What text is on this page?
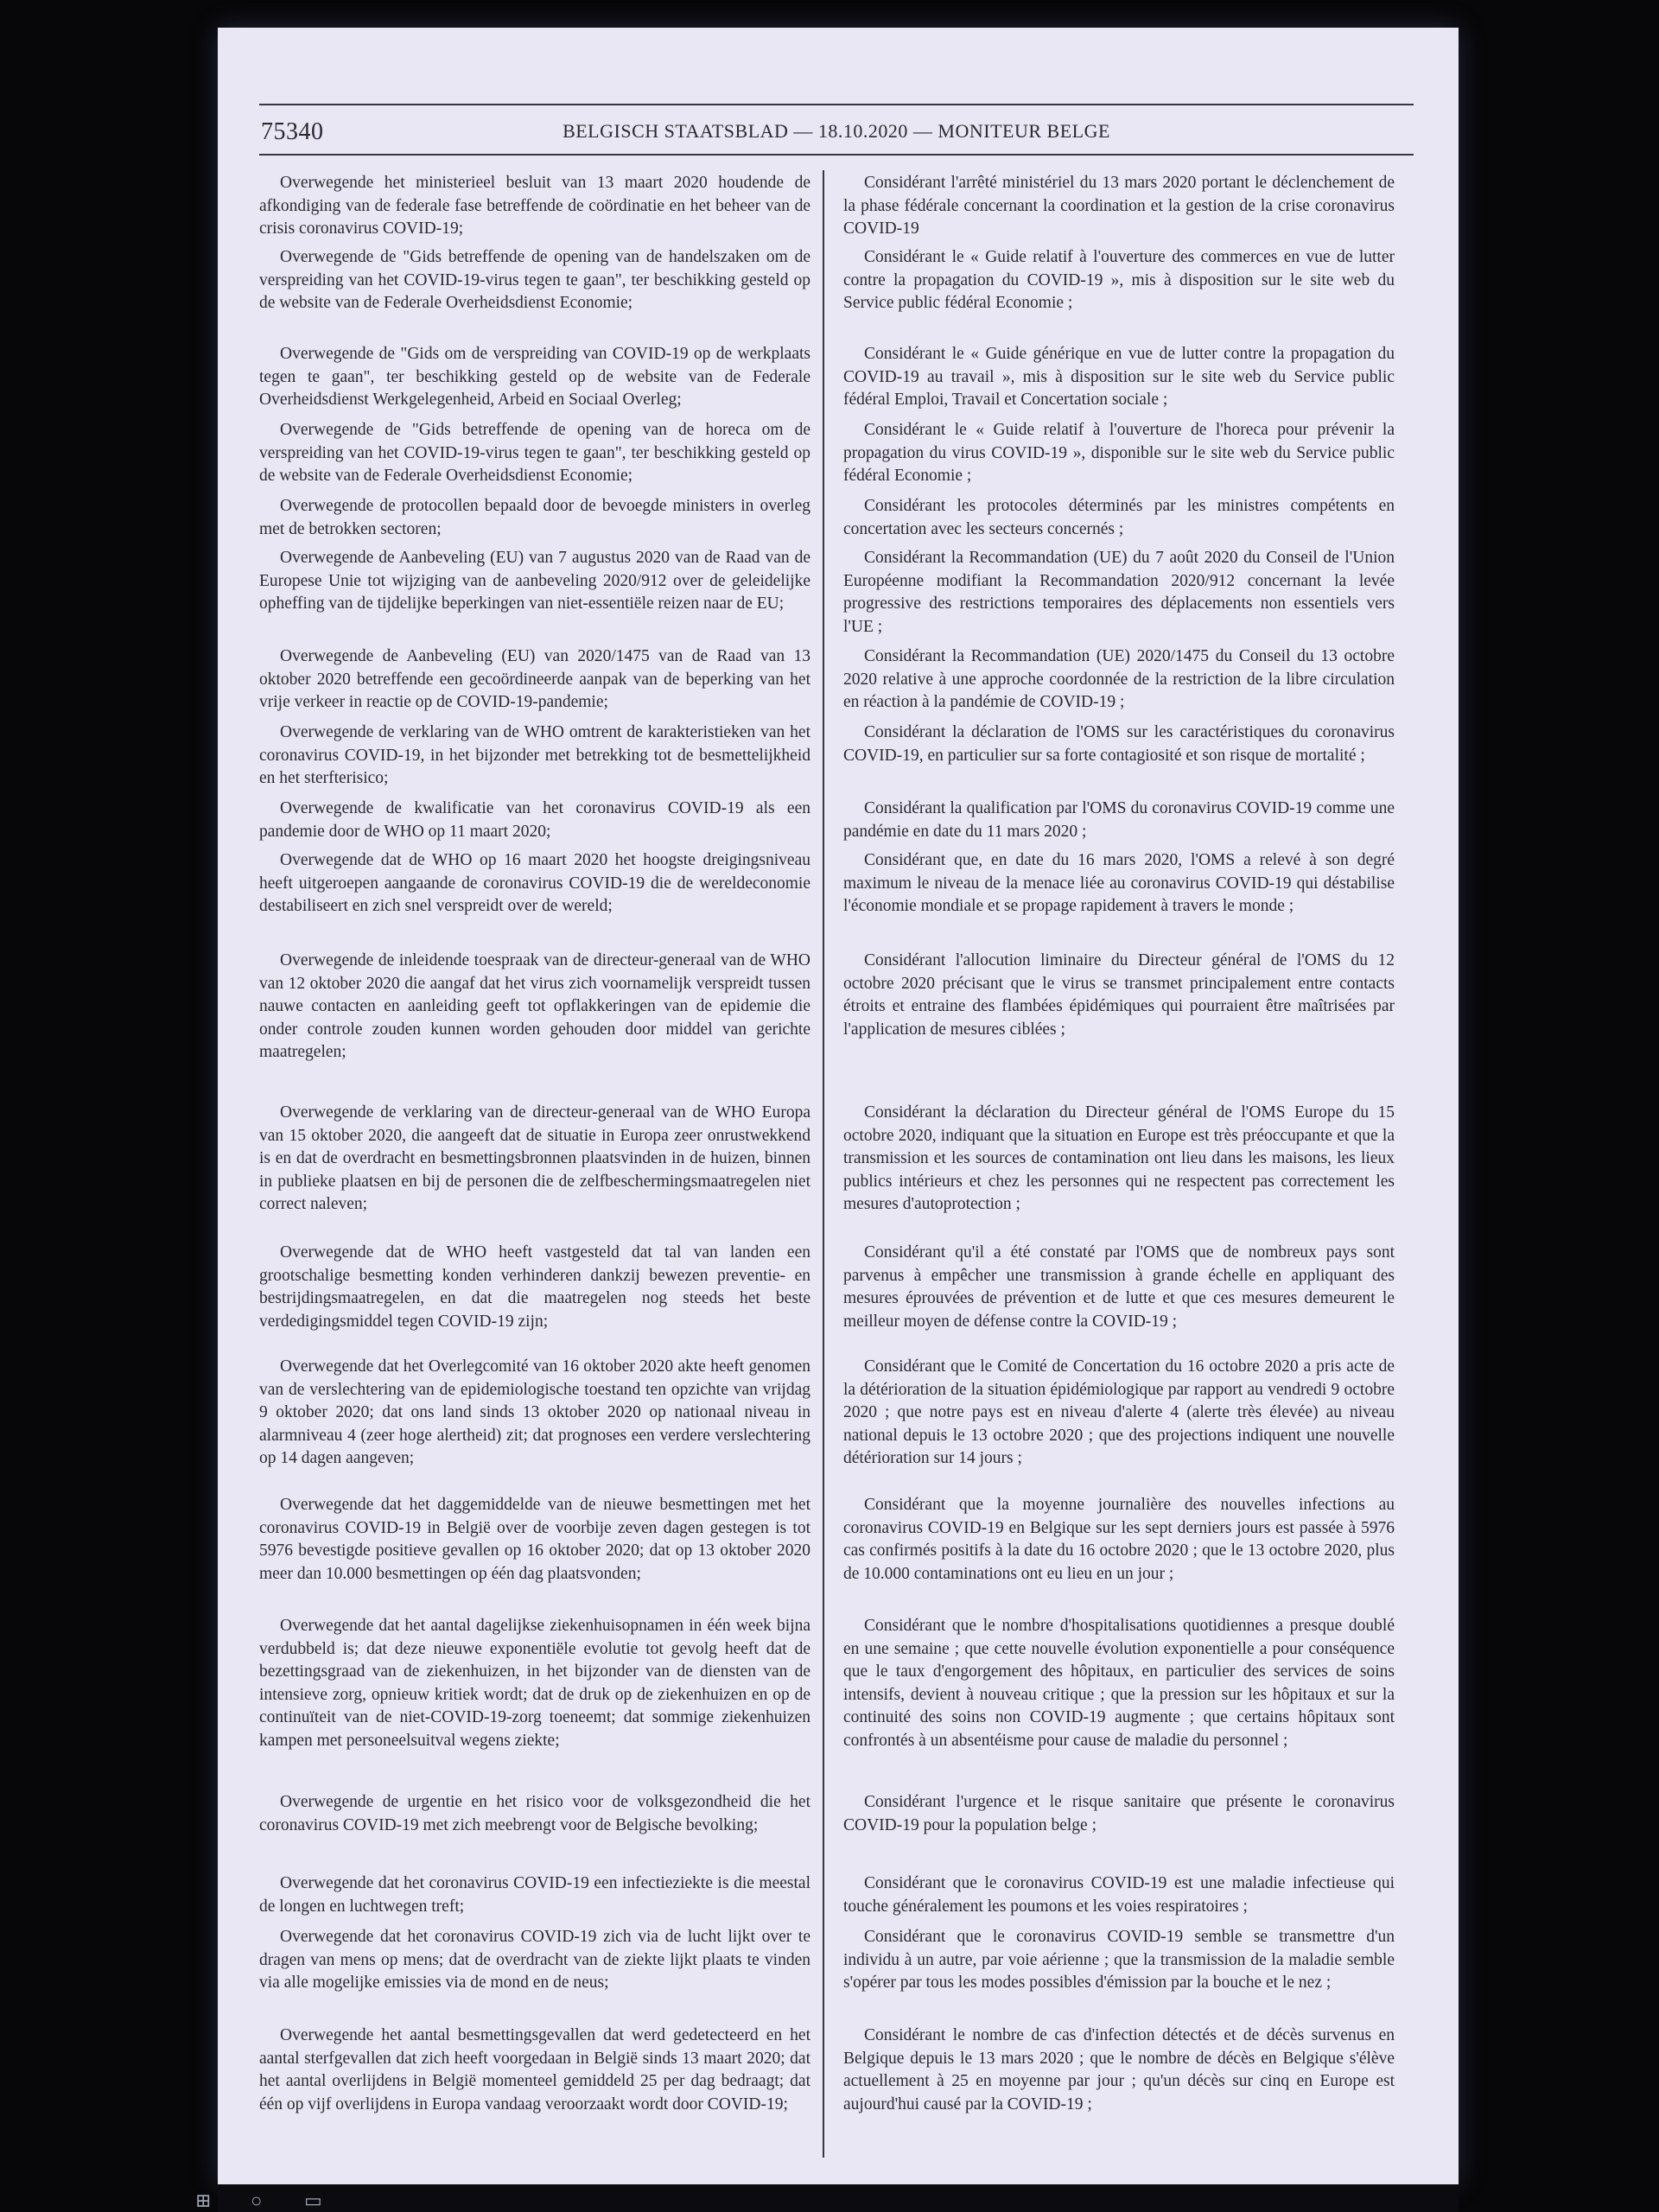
75340	BELGISCH STAATSBLAD — 18.10.2020 — MONITEUR BELGE

Overwegende het ministerieel besluit van 13 maart 2020 houdende de afkondiging van de federale fase betreffende de coördinatie en het beheer van de crisis coronavirus COVID-19;

Overwegende de "Gids betreffende de opening van de handelszaken om de verspreiding van het COVID-19-virus tegen te gaan", ter beschikking gesteld op de website van de Federale Overheidsdienst Economie;

Overwegende de "Gids om de verspreiding van COVID-19 op de werkplaats tegen te gaan", ter beschikking gesteld op de website van de Federale Overheidsdienst Werkgelegenheid, Arbeid en Sociaal Overleg;

Overwegende de "Gids betreffende de opening van de horeca om de verspreiding van het COVID-19-virus tegen te gaan", ter beschikking gesteld op de website van de Federale Overheidsdienst Economie;

Overwegende de protocollen bepaald door de bevoegde ministers in overleg met de betrokken sectoren;

Overwegende de Aanbeveling (EU) van 7 augustus 2020 van de Raad van de Europese Unie tot wijziging van de aanbeveling 2020/912 over de geleidelijke opheffing van de tijdelijke beperkingen van niet-essentiële reizen naar de EU;

Overwegende de Aanbeveling (EU) van 2020/1475 van de Raad van 13 oktober 2020 betreffende een gecoördineerde aanpak van de beperking van het vrije verkeer in reactie op de COVID-19-pandemie;

Overwegende de verklaring van de WHO omtrent de karakteristieken van het coronavirus COVID-19, in het bijzonder met betrekking tot de besmettelijkheid en het sterfterisico;

Overwegende de kwalificatie van het coronavirus COVID-19 als een pandemie door de WHO op 11 maart 2020;

Overwegende dat de WHO op 16 maart 2020 het hoogste dreigingsniveau heeft uitgeroepen aangaande de coronavirus COVID-19 die de wereldeconomie destabiliseert en zich snel verspreidt over de wereld;

Overwegende de inleidende toespraak van de directeur-generaal van de WHO van 12 oktober 2020 die aangaf dat het virus zich voornamelijk verspreidt tussen nauwe contacten en aanleiding geeft tot opflakkeringen van de epidemie die onder controle zouden kunnen worden gehouden door middel van gerichte maatregelen;

Overwegende de verklaring van de directeur-generaal van de WHO Europa van 15 oktober 2020, die aangeeft dat de situatie in Europa zeer onrustwekkend is en dat de overdracht en besmettingsbronnen plaatsvinden in de huizen, binnen in publieke plaatsen en bij de personen die de zelfbeschermingsmaatregelen niet correct naleven;

Overwegende dat de WHO heeft vastgesteld dat tal van landen een grootschalige besmetting konden verhinderen dankzij bewezen preventie- en bestrijdingsmaatregelen, en dat die maatregelen nog steeds het beste verdedigingsmiddel tegen COVID-19 zijn;

Overwegende dat het Overlegcomité van 16 oktober 2020 akte heeft genomen van de verslechtering van de epidemiologische toestand ten opzichte van vrijdag 9 oktober 2020; dat ons land sinds 13 oktober 2020 op nationaal niveau in alarmniveau 4 (zeer hoge alertheid) zit; dat prognoses een verdere verslechtering op 14 dagen aangeven;

Overwegende dat het daggemiddelde van de nieuwe besmettingen met het coronavirus COVID-19 in België over de voorbije zeven dagen gestegen is tot 5976 bevestigde positieve gevallen op 16 oktober 2020; dat op 13 oktober 2020 meer dan 10.000 besmettingen op één dag plaatsvonden;

Overwegende dat het aantal dagelijkse ziekenhuisopnamen in één week bijna verdubbeld is; dat deze nieuwe exponentiële evolutie tot gevolg heeft dat de bezettingsgraad van de ziekenhuizen, in het bijzonder van de diensten van de intensieve zorg, opnieuw kritiek wordt; dat de druk op de ziekenhuizen en op de continuïteit van de niet-COVID-19-zorg toeneemt; dat sommige ziekenhuizen kampen met personeelsuitval wegens ziekte;

Overwegende de urgentie en het risico voor de volksgezondheid die het coronavirus COVID-19 met zich meebrengt voor de Belgische bevolking;

Overwegende dat het coronavirus COVID-19 een infectieziekte is die meestal de longen en luchtwegen treft;

Overwegende dat het coronavirus COVID-19 zich via de lucht lijkt over te dragen van mens op mens; dat de overdracht van de ziekte lijkt plaats te vinden via alle mogelijke emissies via de mond en de neus;

Overwegende het aantal besmettingsgevallen dat werd gedetecteerd en het aantal sterfgevallen dat zich heeft voorgedaan in België sinds 13 maart 2020; dat het aantal overlijdens in België momenteel gemiddeld 25 per dag bedraagt; dat één op vijf overlijdens in Europa vandaag veroorzaakt wordt door COVID-19;

Considérant l'arrêté ministériel du 13 mars 2020 portant le déclenchement de la phase fédérale concernant la coordination et la gestion de la crise coronavirus COVID-19

Considérant le « Guide relatif à l'ouverture des commerces en vue de lutter contre la propagation du COVID-19 », mis à disposition sur le site web du Service public fédéral Economie ;

Considérant le « Guide générique en vue de lutter contre la propagation du COVID-19 au travail », mis à disposition sur le site web du Service public fédéral Emploi, Travail et Concertation sociale ;

Considérant le « Guide relatif à l'ouverture de l'horeca pour prévenir la propagation du virus COVID-19 », disponible sur le site web du Service public fédéral Economie ;

Considérant les protocoles déterminés par les ministres compétents en concertation avec les secteurs concernés ;

Considérant la Recommandation (UE) du 7 août 2020 du Conseil de l'Union Européenne modifiant la Recommandation 2020/912 concernant la levée progressive des restrictions temporaires des déplacements non essentiels vers l'UE ;

Considérant la Recommandation (UE) 2020/1475 du Conseil du 13 octobre 2020 relative à une approche coordonnée de la restriction de la libre circulation en réaction à la pandémie de COVID-19 ;

Considérant la déclaration de l'OMS sur les caractéristiques du coronavirus COVID-19, en particulier sur sa forte contagiosité et son risque de mortalité ;

Considérant la qualification par l'OMS du coronavirus COVID-19 comme une pandémie en date du 11 mars 2020 ;

Considérant que, en date du 16 mars 2020, l'OMS a relevé à son degré maximum le niveau de la menace liée au coronavirus COVID-19 qui déstabilise l'économie mondiale et se propage rapidement à travers le monde ;

Considérant l'allocution liminaire du Directeur général de l'OMS du 12 octobre 2020 précisant que le virus se transmet principalement entre contacts étroits et entraine des flambées épidémiques qui pourraient être maîtrisées par l'application de mesures ciblées ;

Considérant la déclaration du Directeur général de l'OMS Europe du 15 octobre 2020, indiquant que la situation en Europe est très préoccupante et que la transmission et les sources de contamination ont lieu dans les maisons, les lieux publics intérieurs et chez les personnes qui ne respectent pas correctement les mesures d'autoprotection ;

Considérant qu'il a été constaté par l'OMS que de nombreux pays sont parvenus à empêcher une transmission à grande échelle en appliquant des mesures éprouvées de prévention et de lutte et que ces mesures demeurent le meilleur moyen de défense contre la COVID-19 ;

Considérant que le Comité de Concertation du 16 octobre 2020 a pris acte de la détérioration de la situation épidémiologique par rapport au vendredi 9 octobre 2020 ; que notre pays est en niveau d'alerte 4 (alerte très élevée) au niveau national depuis le 13 octobre 2020 ; que des projections indiquent une nouvelle détérioration sur 14 jours ;

Considérant que la moyenne journalière des nouvelles infections au coronavirus COVID-19 en Belgique sur les sept derniers jours est passée à 5976 cas confirmés positifs à la date du 16 octobre 2020 ; que le 13 octobre 2020, plus de 10.000 contaminations ont eu lieu en un jour ;

Considérant que le nombre d'hospitalisations quotidiennes a presque doublé en une semaine ; que cette nouvelle évolution exponentielle a pour conséquence que le taux d'engorgement des hôpitaux, en particulier des services de soins intensifs, devient à nouveau critique ; que la pression sur les hôpitaux et sur la continuité des soins non COVID-19 augmente ; que certains hôpitaux sont confrontés à un absentéisme pour cause de maladie du personnel ;

Considérant l'urgence et le risque sanitaire que présente le coronavirus COVID-19 pour la population belge ;

Considérant que le coronavirus COVID-19 est une maladie infectieuse qui touche généralement les poumons et les voies respiratoires ;

Considérant que le coronavirus COVID-19 semble se transmettre d'un individu à un autre, par voie aérienne ; que la transmission de la maladie semble s'opérer par tous les modes possibles d'émission par la bouche et le nez ;

Considérant le nombre de cas d'infection détectés et de décès survenus en Belgique depuis le 13 mars 2020 ; que le nombre de décès en Belgique s'élève actuellement à 25 en moyenne par jour ; qu'un décès sur cinq en Europe est aujourd'hui causé par la COVID-19 ;

⊞ ○ ▭
